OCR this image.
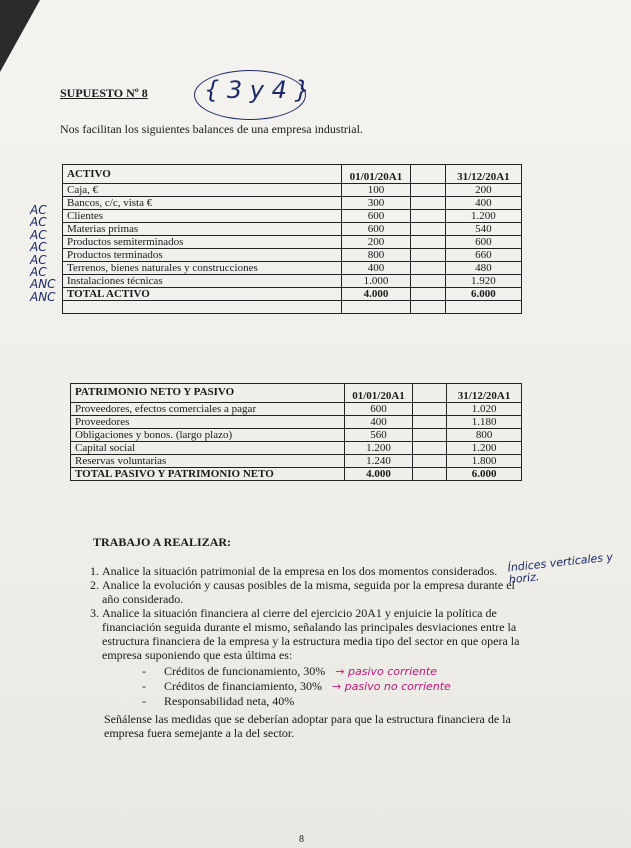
SUPUESTO Nº 8 { 3 y 4 }
Nos facilitan los siguientes balances de una empresa industrial.
AC
AC
AC
AC
AC
AC
ANC
ANC
ACTIVO	01/01/20A1		31/12/20A1
Caja, €	100		200
Bancos, c/c, vista €	300		400
Clientes	600		1.200
Materias primas	600		540
Productos semiterminados	200		600
Productos terminados	800		660
Terrenos, bienes naturales y construcciones	400		480
Instalaciones técnicas	1.000		1.920
TOTAL ACTIVO	4.000		6.000

PATRIMONIO NETO Y PASIVO	01/01/20A1		31/12/20A1
Proveedores, efectos comerciales a pagar	600		1.020
Proveedores	400		1.180
Obligaciones y bonos. (largo plazo)	560		800
Capital social	1.200		1.200
Reservas voluntarias	1.240		1.800
TOTAL PASIVO Y PATRIMONIO NETO	4.000		6.000
TRABAJO A REALIZAR:
Índices verticales y horiz.
1. Analice la situación patrimonial de la empresa en los dos momentos considerados.
2. Analice la evolución y causas posibles de la misma, seguida por la empresa durante el año considerado.
3. Analice la situación financiera al cierre del ejercicio 20A1 y enjuicie la política de financiación seguida durante el mismo, señalando las principales desviaciones entre la estructura financiera de la empresa y la estructura media tipo del sector en que opera la empresa suponiendo que esta última es:
- Créditos de funcionamiento, 30% → pasivo corriente
- Créditos de financiamiento, 30% → pasivo no corriente
- Responsabilidad neta, 40%
Señálense las medidas que se deberían adoptar para que la estructura financiera de la empresa fuera semejante a la del sector.
8
